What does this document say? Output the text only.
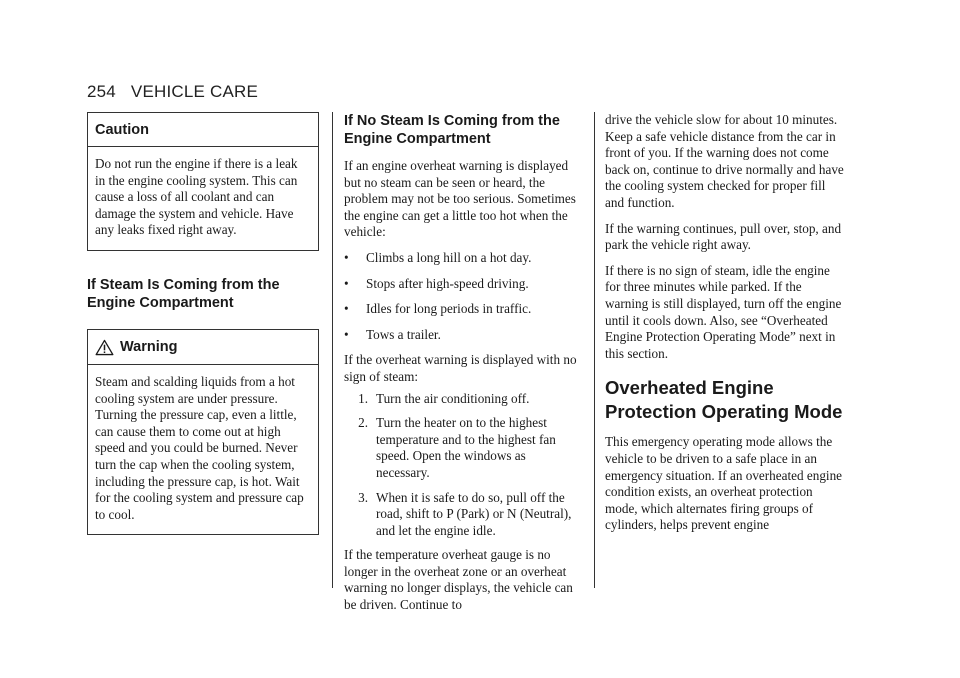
254 VEHICLE CARE
Caution

Do not run the engine if there is a leak in the engine cooling system. This can cause a loss of all coolant and can damage the system and vehicle. Have any leaks fixed right away.

If Steam Is Coming from the Engine Compartment
Warning

Steam and scalding liquids from a hot cooling system are under pressure. Turning the pressure cap, even a little, can cause them to come out at high speed and you could be burned. Never turn the cap when the cooling system, including the pressure cap, is hot. Wait for the cooling system and pressure cap to cool.

If No Steam Is Coming from the Engine Compartment

If an engine overheat warning is displayed but no steam can be seen or heard, the problem may not be too serious. Sometimes the engine can get a little too hot when the vehicle:

•	Climbs a long hill on a hot day.
•	Stops after high-speed driving.
•	Idles for long periods in traffic.
•	Tows a trailer.

If the overheat warning is displayed with no sign of steam:

1. Turn the air conditioning off.
2. Turn the heater on to the highest temperature and to the highest fan speed. Open the windows as necessary.
3. When it is safe to do so, pull off the road, shift to P (Park) or N (Neutral), and let the engine idle.

If the temperature overheat gauge is no longer in the overheat zone or an overheat warning no longer displays, the vehicle can be driven. Continue to

drive the vehicle slow for about 10 minutes. Keep a safe vehicle distance from the car in front of you. If the warning does not come back on, continue to drive normally and have the cooling system checked for proper fill and function.

If the warning continues, pull over, stop, and park the vehicle right away.

If there is no sign of steam, idle the engine for three minutes while parked. If the warning is still displayed, turn off the engine until it cools down. Also, see “Overheated Engine Protection Operating Mode” next in this section.

Overheated Engine Protection Operating Mode

This emergency operating mode allows the vehicle to be driven to a safe place in an emergency situation. If an overheated engine condition exists, an overheat protection mode, which alternates firing groups of cylinders, helps prevent engine
